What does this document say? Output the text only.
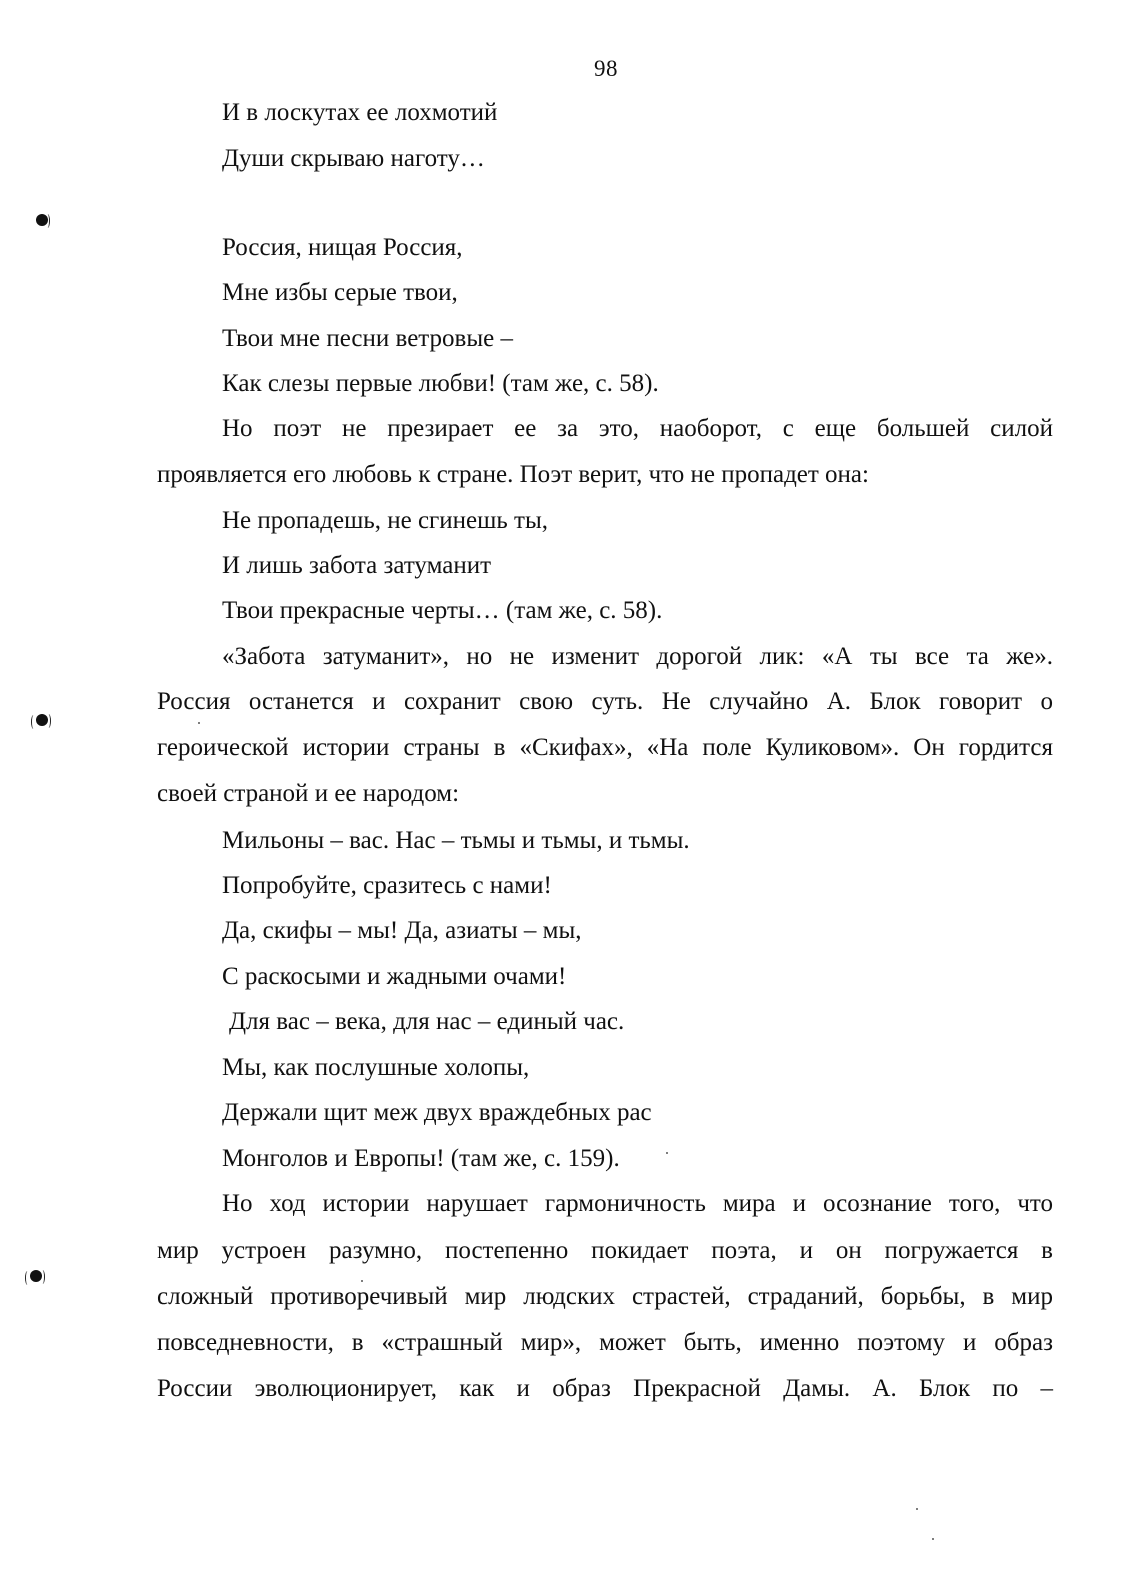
98
И в лоскутах ее лохмотий
Души скрываю наготу…
Россия, нищая Россия,
Мне избы серые твои,
Твои мне песни ветровые –
Как слезы первые любви! (там же, с. 58).
Но поэт не презирает ее за это, наоборот, с еще большей силой
проявляется его любовь к стране. Поэт верит, что не пропадет она:
Не пропадешь, не сгинешь ты,
И лишь забота затуманит
Твои прекрасные черты… (там же, с. 58).
«Забота затуманит», но не изменит дорогой лик: «А ты все та же».
Россия останется и сохранит свою суть. Не случайно А. Блок говорит о
героической истории страны в «Скифах», «На поле Куликовом». Он гордится
своей страной и ее народом:
Мильоны – вас. Нас – тьмы и тьмы, и тьмы.
Попробуйте, сразитесь с нами!
Да, скифы – мы! Да, азиаты – мы,
С раскосыми и жадными очами!
Для вас – века, для нас – единый час.
Мы, как послушные холопы,
Держали щит меж двух враждебных рас
Монголов и Европы! (там же, с. 159).
Но ход истории нарушает гармоничность мира и осознание того, что
мир устроен разумно, постепенно покидает поэта, и он погружается в
сложный противоречивый мир людских страстей, страданий, борьбы, в мир
повседневности, в «страшный мир», может быть, именно поэтому и образ
России эволюционирует, как и образ Прекрасной Дамы. А. Блок по –
